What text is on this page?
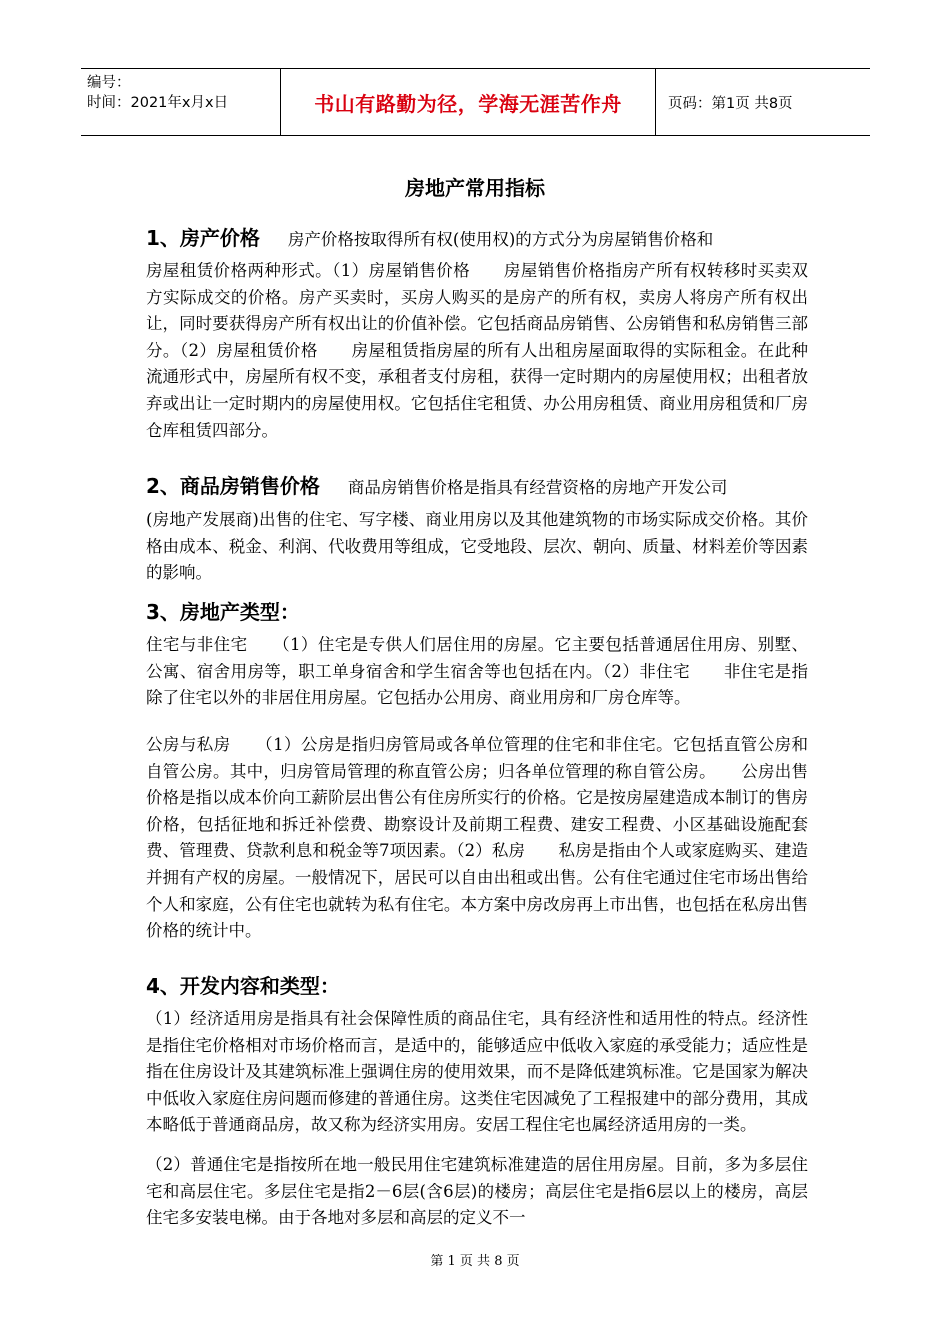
编号：
时间：2021年x月x日	书山有路勤为径，学海无涯苦作舟	页码：第1页 共8页
房地产常用指标
1、房产价格 房产价格按取得所有权(使用权)的方式分为房屋销售价格和
房屋租赁价格两种形式。（1）房屋销售价格　　房屋销售价格指房产所有权转移时买卖双方实际成交的价格。房产买卖时，买房人购买的是房产的所有权，卖房人将房产所有权出让，同时要获得房产所有权出让的价值补偿。它包括商品房销售、公房销售和私房销售三部分。（2）房屋租赁价格　　房屋租赁指房屋的所有人出租房屋面取得的实际租金。在此种流通形式中，房屋所有权不变，承租者支付房租，获得一定时期内的房屋使用权；出租者放弃或出让一定时期内的房屋使用权。它包括住宅租赁、办公用房租赁、商业用房租赁和厂房仓库租赁四部分。
2、商品房销售价格 商品房销售价格是指具有经营资格的房地产开发公司
(房地产发展商)出售的住宅、写字楼、商业用房以及其他建筑物的市场实际成交价格。其价格由成本、税金、利润、代收费用等组成，它受地段、层次、朝向、质量、材料差价等因素的影响。
3、房地产类型：
住宅与非住宅　　（1）住宅是专供人们居住用的房屋。它主要包括普通居住用房、别墅、公寓、宿舍用房等，职工单身宿舍和学生宿舍等也包括在内。（2）非住宅　　非住宅是指除了住宅以外的非居住用房屋。它包括办公用房、商业用房和厂房仓库等。
公房与私房　　（1）公房是指归房管局或各单位管理的住宅和非住宅。它包括直管公房和自管公房。其中，归房管局管理的称直管公房；归各单位管理的称自管公房。　　公房出售价格是指以成本价向工薪阶层出售公有住房所实行的价格。它是按房屋建造成本制订的售房价格，包括征地和拆迁补偿费、勘察设计及前期工程费、建安工程费、小区基础设施配套费、管理费、贷款利息和税金等7项因素。（2）私房　　私房是指由个人或家庭购买、建造并拥有产权的房屋。一般情况下，居民可以自由出租或出售。公有住宅通过住宅市场出售给个人和家庭，公有住宅也就转为私有住宅。本方案中房改房再上市出售，也包括在私房出售价格的统计中。
4、开发内容和类型：
（1）经济适用房是指具有社会保障性质的商品住宅，具有经济性和适用性的特点。经济性是指住宅价格相对市场价格而言，是适中的，能够适应中低收入家庭的承受能力；适应性是指在住房设计及其建筑标准上强调住房的使用效果，而不是降低建筑标准。它是国家为解决中低收入家庭住房问题而修建的普通住房。这类住宅因减免了工程报建中的部分费用，其成本略低于普通商品房，故又称为经济实用房。安居工程住宅也属经济适用房的一类。
（2）普通住宅是指按所在地一般民用住宅建筑标准建造的居住用房屋。目前，多为多层住宅和高层住宅。多层住宅是指2－6层(含6层)的楼房；高层住宅是指6层以上的楼房，高层住宅多安装电梯。由于各地对多层和高层的定义不一
第 1 页 共 8 页
